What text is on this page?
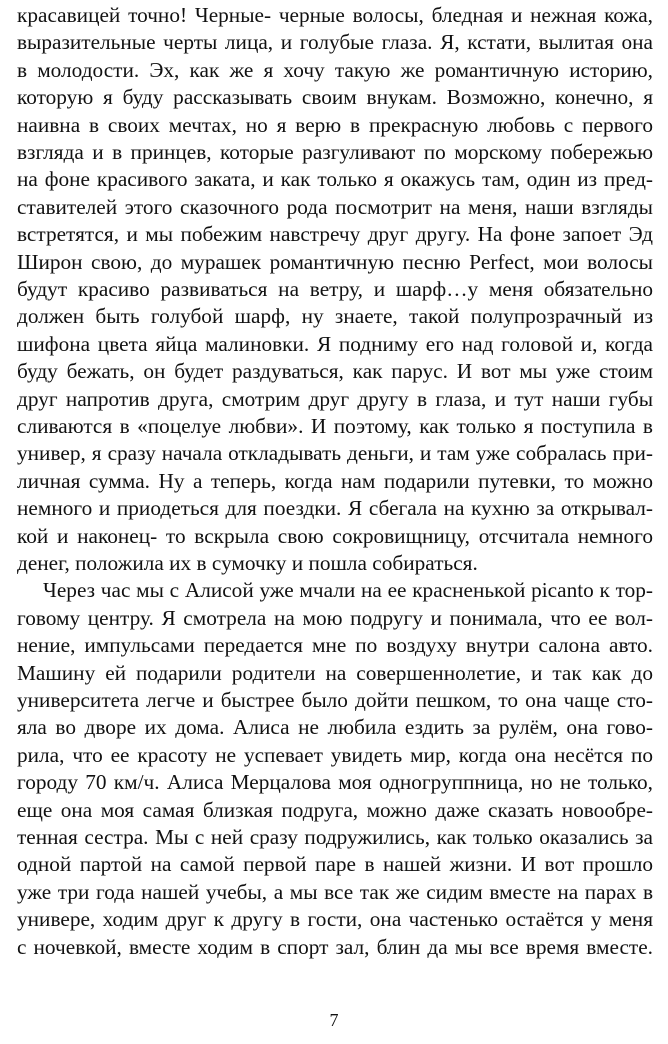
красавицей точно! Черные- черные волосы, бледная и нежная кожа,
выразительные черты лица, и голубые глаза. Я, кстати, вылитая она
в молодости. Эх, как же я хочу такую же романтичную историю,
которую я буду рассказывать своим внукам. Возможно, конечно, я
наивна в своих мечтах, но я верю в прекрасную любовь с первого
взгляда и в принцев, которые разгуливают по морскому побережью
на фоне красивого заката, и как только я окажусь там, один из пред-
ставителей этого сказочного рода посмотрит на меня, наши взгляды
встретятся, и мы побежим навстречу друг другу. На фоне запоет Эд
Широн свою, до мурашек романтичную песню Perfect, мои волосы
будут красиво развиваться на ветру, и шарф…у меня обязательно
должен быть голубой шарф, ну знаете, такой полупрозрачный из
шифона цвета яйца малиновки. Я подниму его над головой и, когда
буду бежать, он будет раздуваться, как парус. И вот мы уже стоим
друг напротив друга, смотрим друг другу в глаза, и тут наши губы
сливаются в «поцелуе любви». И поэтому, как только я поступила в
универ, я сразу начала откладывать деньги, и там уже собралась при-
личная сумма. Ну а теперь, когда нам подарили путевки, то можно
немного и приодеться для поездки. Я сбегала на кухню за открывал-
кой и наконец- то вскрыла свою сокровищницу, отсчитала немного
денег, положила их в сумочку и пошла собираться.
Через час мы с Алисой уже мчали на ее красненькой picanto к тор-
говому центру. Я смотрела на мою подругу и понимала, что ее вол-
нение, импульсами передается мне по воздуху внутри салона авто.
Машину ей подарили родители на совершеннолетие, и так как до
университета легче и быстрее было дойти пешком, то она чаще сто-
яла во дворе их дома. Алиса не любила ездить за рулём, она гово-
рила, что ее красоту не успевает увидеть мир, когда она несётся по
городу 70 км/ч. Алиса Мерцалова моя одногруппница, но не только,
еще она моя самая близкая подруга, можно даже сказать новообре-
тенная сестра. Мы с ней сразу подружились, как только оказались за
одной партой на самой первой паре в нашей жизни. И вот прошло
уже три года нашей учебы, а мы все так же сидим вместе на парах в
универе, ходим друг к другу в гости, она частенько остаётся у меня
с ночевкой, вместе ходим в спорт зал, блин да мы все время вместе.
7
